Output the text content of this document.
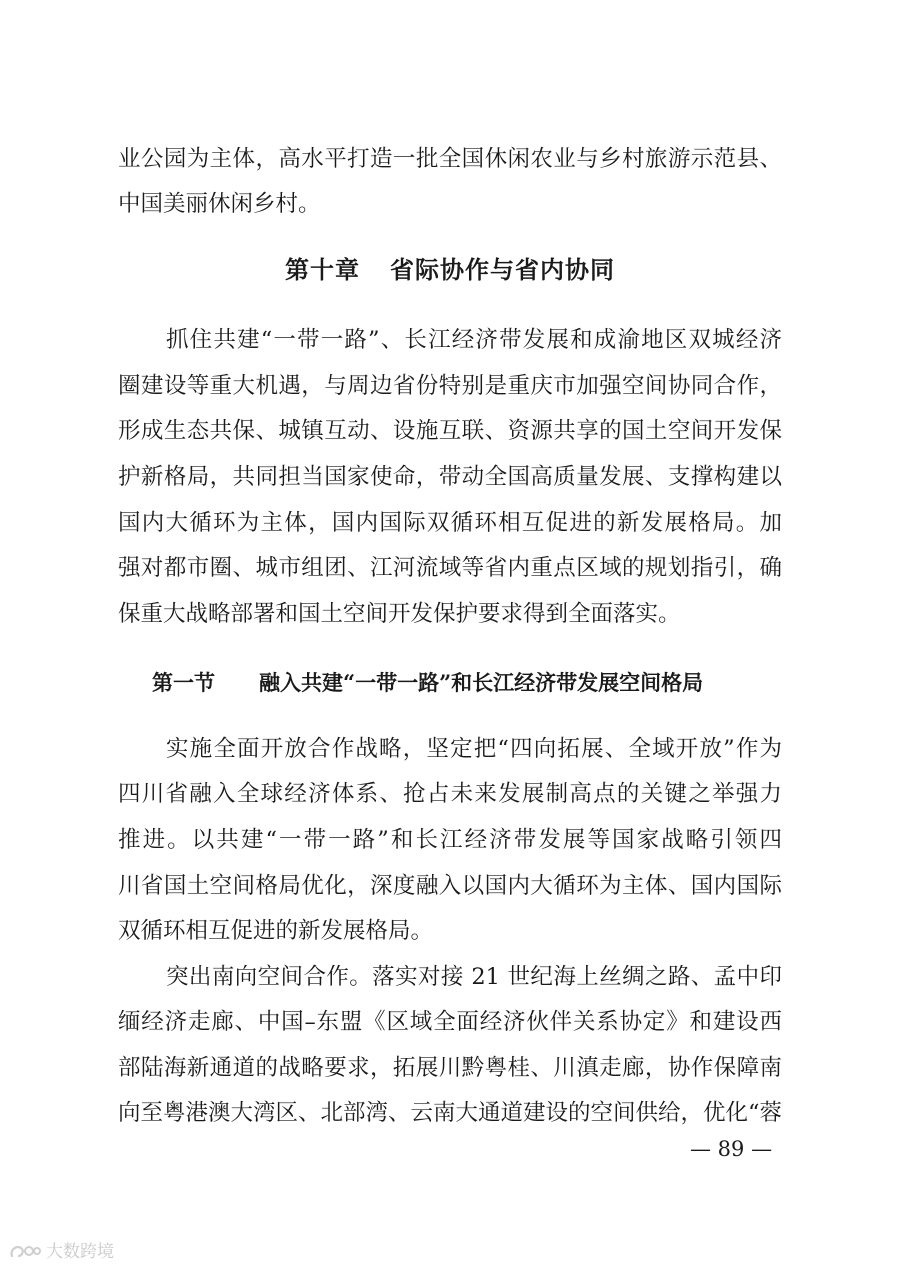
业公园为主体，高水平打造一批全国休闲农业与乡村旅游示范县、
中国美丽休闲乡村。
第十章 省际协作与省内协同
抓住共建“一带一路”、长江经济带发展和成渝地区双城经济
圈建设等重大机遇，与周边省份特别是重庆市加强空间协同合作，
形成生态共保、城镇互动、设施互联、资源共享的国土空间开发保
护新格局，共同担当国家使命，带动全国高质量发展、支撑构建以
国内大循环为主体，国内国际双循环相互促进的新发展格局。加
强对都市圈、城市组团、江河流域等省内重点区域的规划指引，确
保重大战略部署和国土空间开发保护要求得到全面落实。
第一节 融入共建“一带一路”和长江经济带发展空间格局
实施全面开放合作战略，坚定把“四向拓展、全域开放”作为
四川省融入全球经济体系、抢占未来发展制高点的关键之举强力
推进。以共建“一带一路”和长江经济带发展等国家战略引领四
川省国土空间格局优化，深度融入以国内大循环为主体、国内国际
双循环相互促进的新发展格局。
突出南向空间合作。落实对接 21 世纪海上丝绸之路、孟中印
缅经济走廊、中国–东盟《区域全面经济伙伴关系协定》和建设西
部陆海新通道的战略要求，拓展川黔粤桂、川滇走廊，协作保障南
向至粤港澳大湾区、北部湾、云南大通道建设的空间供给，优化“蓉
— 89 —
大数跨境
